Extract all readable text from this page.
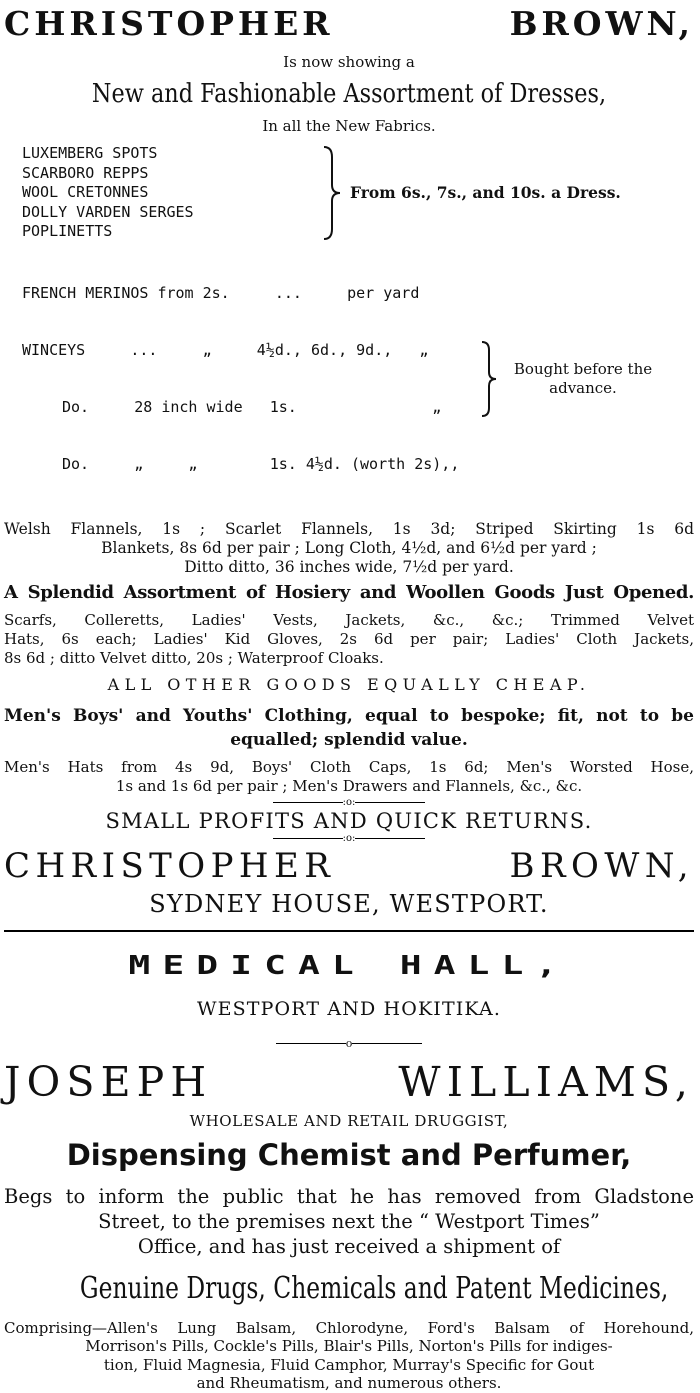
CHRISTOPHER BROWN,
Is now showing a
New and Fashionable Assortment of Dresses,
In all the New Fabrics.
LUXEMBERG SPOTS
SCARBORO REPPS
WOOL CRETONNES
DOLLY VARDEN SERGES
POPLINETTS
From 6s., 7s., and 10s. a Dress.

FRENCH MERINOS from 2s.     ...     per yard

WINCEYS     ...     „     4½d., 6d., 9d.,   „

Do.     28 inch wide   1s.               „

Do.     „     „        1s. 4½d. (worth 2s),,

Bought before the advance.
Welsh Flannels, 1s ; Scarlet Flannels, 1s 3d; Striped Skirting 1s 6d
Blankets, 8s 6d per pair ; Long Cloth, 4½d, and 6½d per yard ;
Ditto ditto, 36 inches wide, 7½d per yard.
A Splendid Assortment of Hosiery and Woollen Goods Just Opened.
Scarfs, Colleretts, Ladies' Vests, Jackets, &c., &c.; Trimmed Velvet
Hats, 6s each; Ladies' Kid Gloves, 2s 6d per pair; Ladies' Cloth Jackets,
8s 6d ; ditto Velvet ditto, 20s ; Waterproof Cloaks.
ALL OTHER GOODS EQUALLY CHEAP.
Men's Boys' and Youths' Clothing, equal to bespoke; fit, not to be
equalled; splendid value.
Men's Hats from 4s 9d, Boys' Cloth Caps, 1s 6d; Men's Worsted Hose,
1s and 1s 6d per pair ; Men's Drawers and Flannels, &c., &c.
:o:
SMALL PROFITS AND QUICK RETURNS.
:o:
CHRISTOPHER BROWN,
SYDNEY HOUSE, WESTPORT.
MEDICAL HALL,
WESTPORT AND HOKITIKA.
o
JOSEPH WILLIAMS,
WHOLESALE AND RETAIL DRUGGIST,
Dispensing Chemist and Perfumer,
Begs to inform the public that he has removed from Gladstone
Street, to the premises next the “ Westport Times”
Office, and has just received a shipment of
Genuine Drugs, Chemicals and Patent Medicines,
Comprising—Allen's Lung Balsam, Chlorodyne, Ford's Balsam of Horehound,
Morrison's Pills, Cockle's Pills, Blair's Pills, Norton's Pills for indiges-
tion, Fluid Magnesia, Fluid Camphor, Murray's Specific for Gout
and Rheumatism, and numerous others.
